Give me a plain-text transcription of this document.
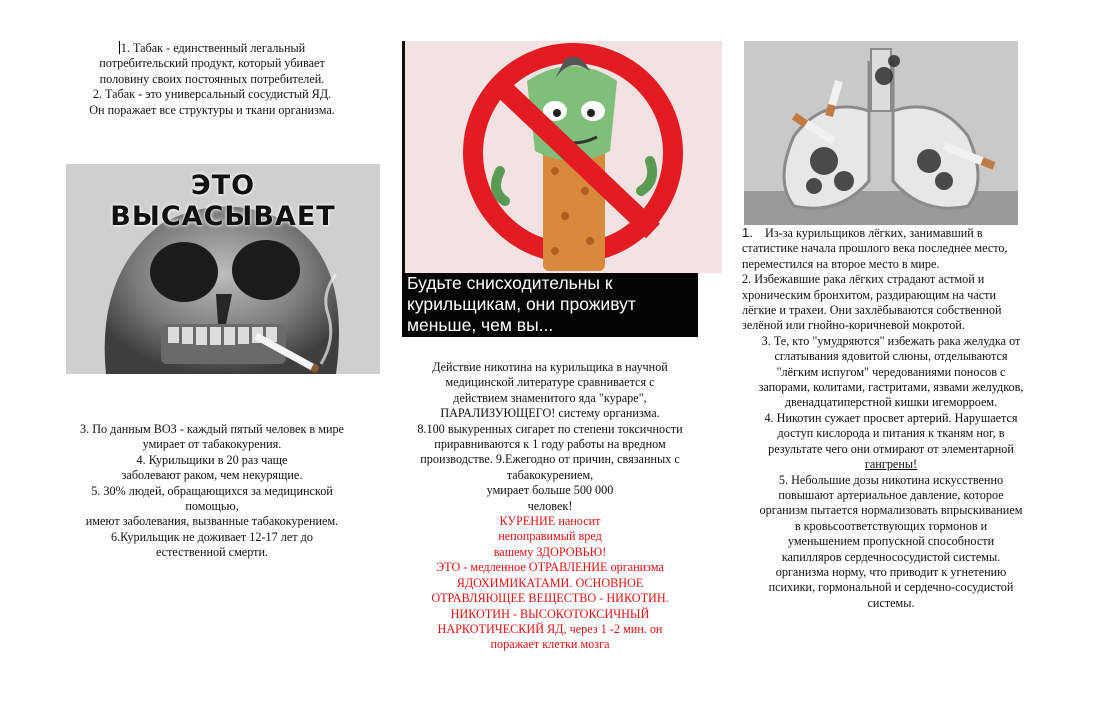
1. Табак - единственный легальный

потребительский продукт, который убивает

половину своих постоянных потребителей.

2. Табак - это универсальный сосудистый ЯД.

Он поражает все структуры и ткани организма.

ЭТО ВЫСАСЫВАЕТ

3. По данным ВОЗ - каждый пятый человек в мире

умирает от табакокурения.

4. Курильщики в 20 раз чаще

заболевают раком, чем некурящие.

5. 30% людей, обращающихся за медицинской

помощью,

имеют заболевания, вызванные табакокурением.

6.Курильщик не доживает 12-17 лет до

естественной смерти.

Будьте снисходительны к
курильщикам, они проживут
меньше, чем вы...

Действие никотина на курильщика в научной

медицинской литературе сравнивается с

действием знаменитого яда "кураре",

ПАРАЛИЗУЮЩЕГО! систему организма.

8.100 выкуренных сигарет по степени токсичности

приравниваются к 1 году работы на вредном

производстве. 9.Ежегодно от причин, связанных с

табакокурением,

умирает больше 500 000

человек!

КУРЕНИЕ наносит

непоправимый вред

вашему ЗДОРОВЬЮ!

ЭТО - медленное ОТРАВЛЕНИЕ организма

ЯДОХИМИКАТАМИ. ОСНОВНОЕ

ОТРАВЛЯЮЩЕЕ ВЕЩЕСТВО - НИКОТИН.

НИКОТИН - ВЫСОКОТОКСИЧНЫЙ

НАРКОТИЧЕСКИЙ ЯД, через 1 -2 мин. он

поражает клетки мозга

1. Из-за курильщиков лёгких, занимавший в

статистике начала прошлого века последнее место,

переместился на второе место в мире.

2. Избежавшие рака лёгких страдают астмой и

хроническим бронхитом, раздирающим на части

лёгкие и трахеи. Они захлёбываются собственной

зелёной или гнойно-коричневой мокротой.

3. Те, кто "умудряются" избежать рака желудка от

сглатывания ядовитой слюны, отделываются

"лёгким испугом" чередованиями поносов с

запорами, колитами, гастритами, язвами желудков,

двенадцатиперстной кишки игеморроем.

4. Никотин сужает просвет артерий. Нарушается

доступ кислорода и питания к тканям ног, в

результате чего они отмирают от элементарной

гангрены!

5. Небольшие дозы никотина искусственно

повышают артериальное давление, которое

организм пытается нормализовать впрыскиванием

в кровьсоответствующих гормонов и

уменьшением пропускной способности

капилляров сердечнососудистой системы.

организма норму, что приводит к угнетению

психики, гормональной и сердечно-сосудистой

системы.
